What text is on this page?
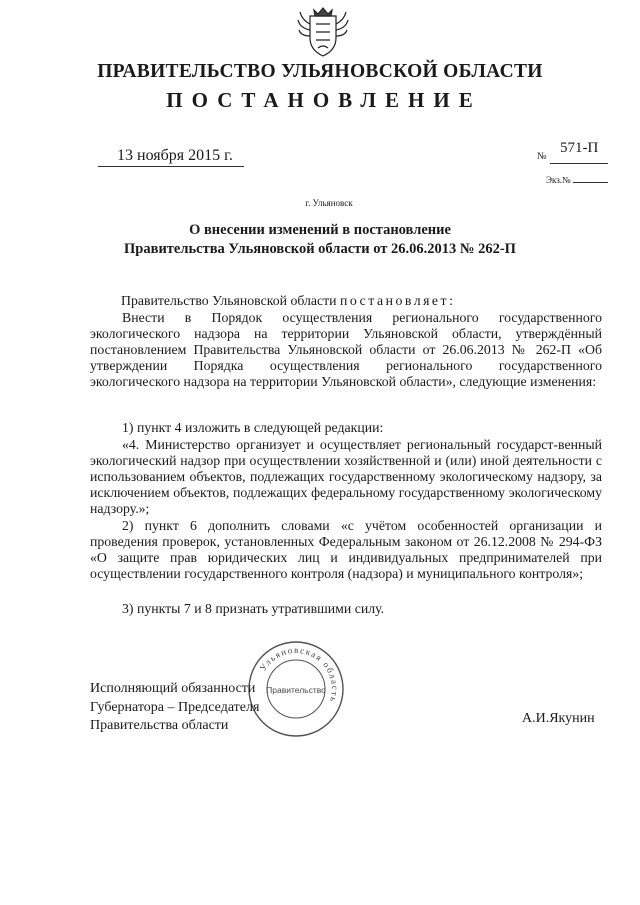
ПРАВИТЕЛЬСТВО УЛЬЯНОВСКОЙ ОБЛАСТИ
ПОСТАНОВЛЕНИЕ
13 ноября 2015 г.	571-П
№
Экз.№
г. Ульяновск
О внесении изменений в постановление
Правительства Ульяновской области от 26.06.2013 № 262-П
Правительство Ульяновской области постановляет:

Внести в Порядок осуществления регионального государственного экологического надзора на территории Ульяновской области, утверждённый постановлением Правительства Ульяновской области от 26.06.2013 № 262-П «Об утверждении Порядка осуществления регионального государственного экологического надзора на территории Ульяновской области», следующие изменения:

1) пункт 4 изложить в следующей редакции:

«4. Министерство организует и осуществляет региональный государст-венный экологический надзор при осуществлении хозяйственной и (или) иной деятельности с использованием объектов, подлежащих государственному экологическому надзору, за исключением объектов, подлежащих федеральному государственному экологическому надзору.»;

2) пункт 6 дополнить словами «с учётом особенностей организации и проведения проверок, установленных Федеральным законом от 26.12.2008 № 294-ФЗ «О защите прав юридических лиц и индивидуальных предпринимателей при осуществлении государственного контроля (надзора) и муниципального контроля»;

3) пункты 7 и 8 признать утратившими силу.

Исполняющий обязанности
Губернатора – Председателя
Правительства области	А.И.Якунин
Ульяновская область
Правительство
